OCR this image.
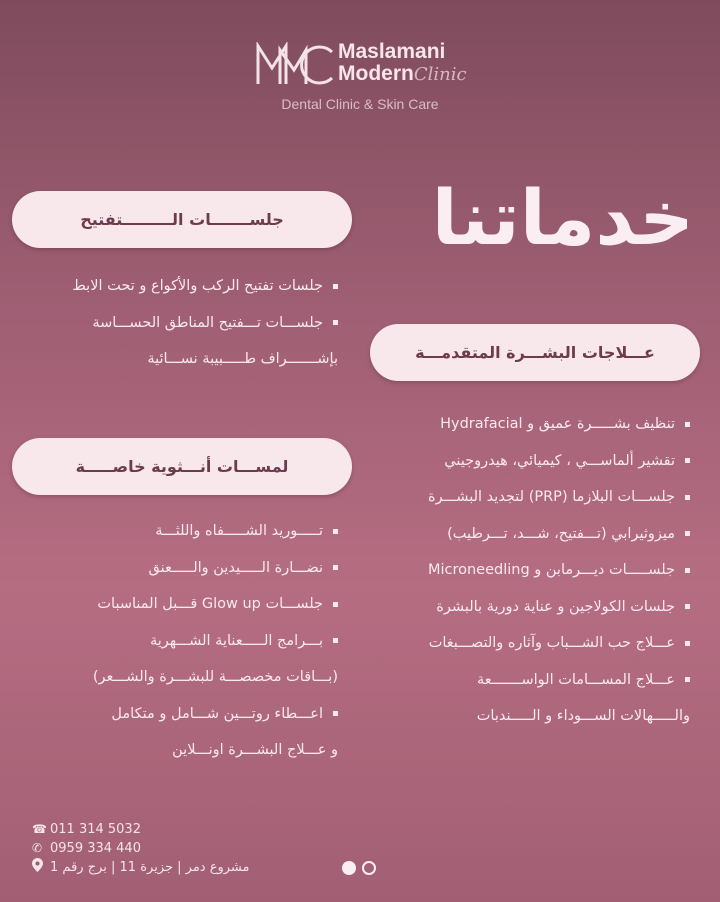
Maslamani
ModernClinic
Dental Clinic & Skin Care
خدماتنا
جلســـــــات الـــــــــتفتيح
عـــلاجات البشـــرة المتقدمـــة
لمســـات أنـــثوية خاصـــــة
جلسات تفتيح الركب والأكواع و تحت الابط
جلســـات تـــفتيح المناطق الحســـاسة
بإشـــــــراف طـــــبيبة نســـائية
تنظيف بشـــــرة عميق و Hydrafacial
تقشير ألماســـي ، كيميائي، هيدروجيني
جلســـات البلازما (PRP) لتجديد البشـــرة
ميزوثيرابي (تـــفتيح، شـــد، تـــرطيب)
جلســـــات ديـــرمابن و Microneedling
جلسات الكولاجين و عناية دورية بالبشرة
عـــلاج حب الشـــباب وآثاره والتصـــبغات
عـــلاج المســـامات الواســـــــعة
والـــــهالات الســـوداء و الـــــندبات
تـــــوريد الشـــــفاه واللثـــة
نضـــارة الـــــيدين والـــــعنق
جلســـات Glow up قـــبل المناسبات
بـــرامج الـــــعناية الشـــهرية
(بـــاقات مخصصـــة للبشـــرة والشـــعر)
اعـــطاء روتـــين شـــامل و متكامل
و عـــلاج البشـــرة اونـــلاين
☎ 011 314 5032
✆ 0959 334 440
مشروع دمر | جزيرة 11 | برج رقم 1
